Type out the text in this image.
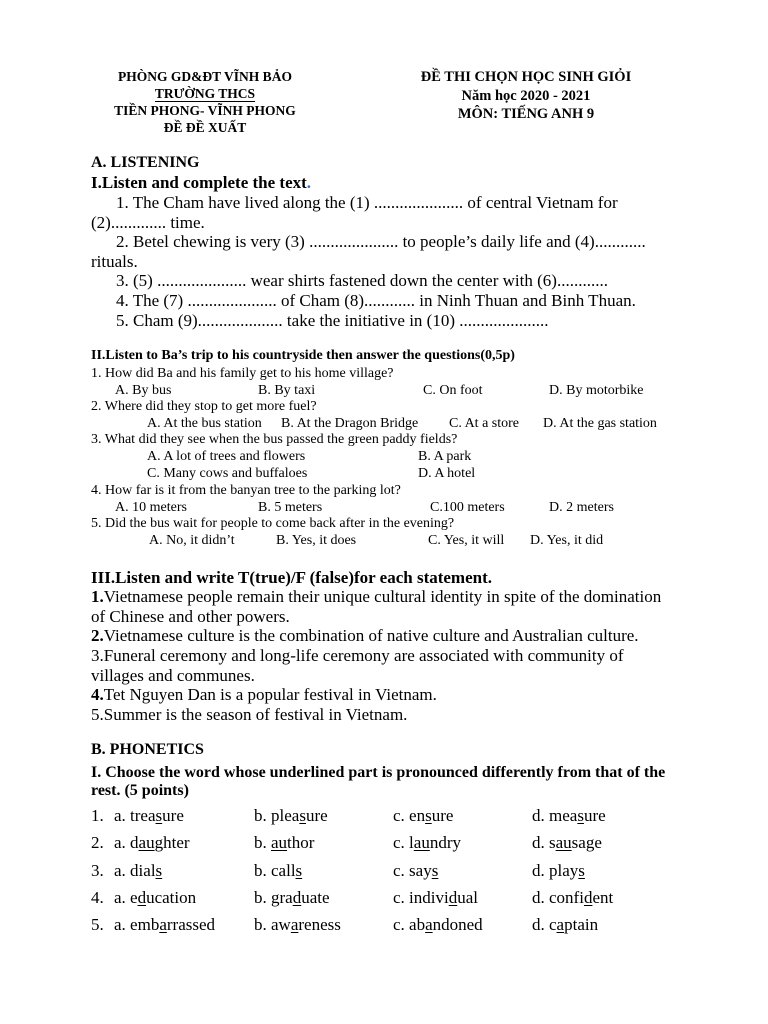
PHÒNG GD&ĐT VĨNH BẢO
TRƯỜNG THCS
TIỀN PHONG- VĨNH PHONG
ĐỀ ĐỀ XUẤT
ĐỀ THI CHỌN HỌC SINH GIỎI
Năm học 2020 - 2021
MÔN: TIẾNG ANH 9
A. LISTENING
I.Listen and complete the text.
1. The Cham have lived along the (1) ..................... of central Vietnam for
(2)............. time.
2. Betel chewing is very (3) ..................... to people’s daily life and (4)............
rituals.
3. (5) ..................... wear shirts fastened down the center with (6)............
4. The (7) ..................... of Cham (8)............ in Ninh Thuan and Binh Thuan.
5. Cham (9).................... take the initiative in (10) .....................
II.Listen to Ba’s trip to his countryside then answer the questions(0,5p)
1. How did Ba and his family get to his home village?
A. By bus	B. By taxi	C. On foot	D. By motorbike
2. Where did they stop to get more fuel?
A. At the bus station B. At the Dragon Bridge C. At a store D. At the gas station
3. What did they see when the bus passed the green paddy fields?
A. A lot of trees and flowers	B. A park
C. Many cows and buffaloes	D. A hotel
4. How far is it from the banyan tree to the parking lot?
A. 10 meters	B. 5 meters	C.100 meters	D. 2 meters
5. Did the bus wait for people to come back after in the evening?
A. No, it didn’t	B. Yes, it does	C. Yes, it will D. Yes, it did
III.Listen and write T(true)/F (false)for each statement.
1.Vietnamese people remain their unique cultural identity in spite of the domination
of Chinese and other powers.
2.Vietnamese culture is the combination of native culture and Australian culture.
3.Funeral ceremony and long-life ceremony are associated with community of
villages and communes.
4.Tet Nguyen Dan is a popular festival in Vietnam.
5.Summer is the season of festival in Vietnam.
B. PHONETICS
I. Choose the word whose underlined part is pronounced differently from that of the
rest. (5 points)
1. a. treasure	b. pleasure	c. ensure	d. measure
2. a. daughter	b. author	c. laundry	d. sausage
3. a. dials	b. calls	c. says	d. plays
4. a. education	b. graduate	c. individual	d. confident
5. a. embarrassed b. awareness	c. abandoned	d. captain
